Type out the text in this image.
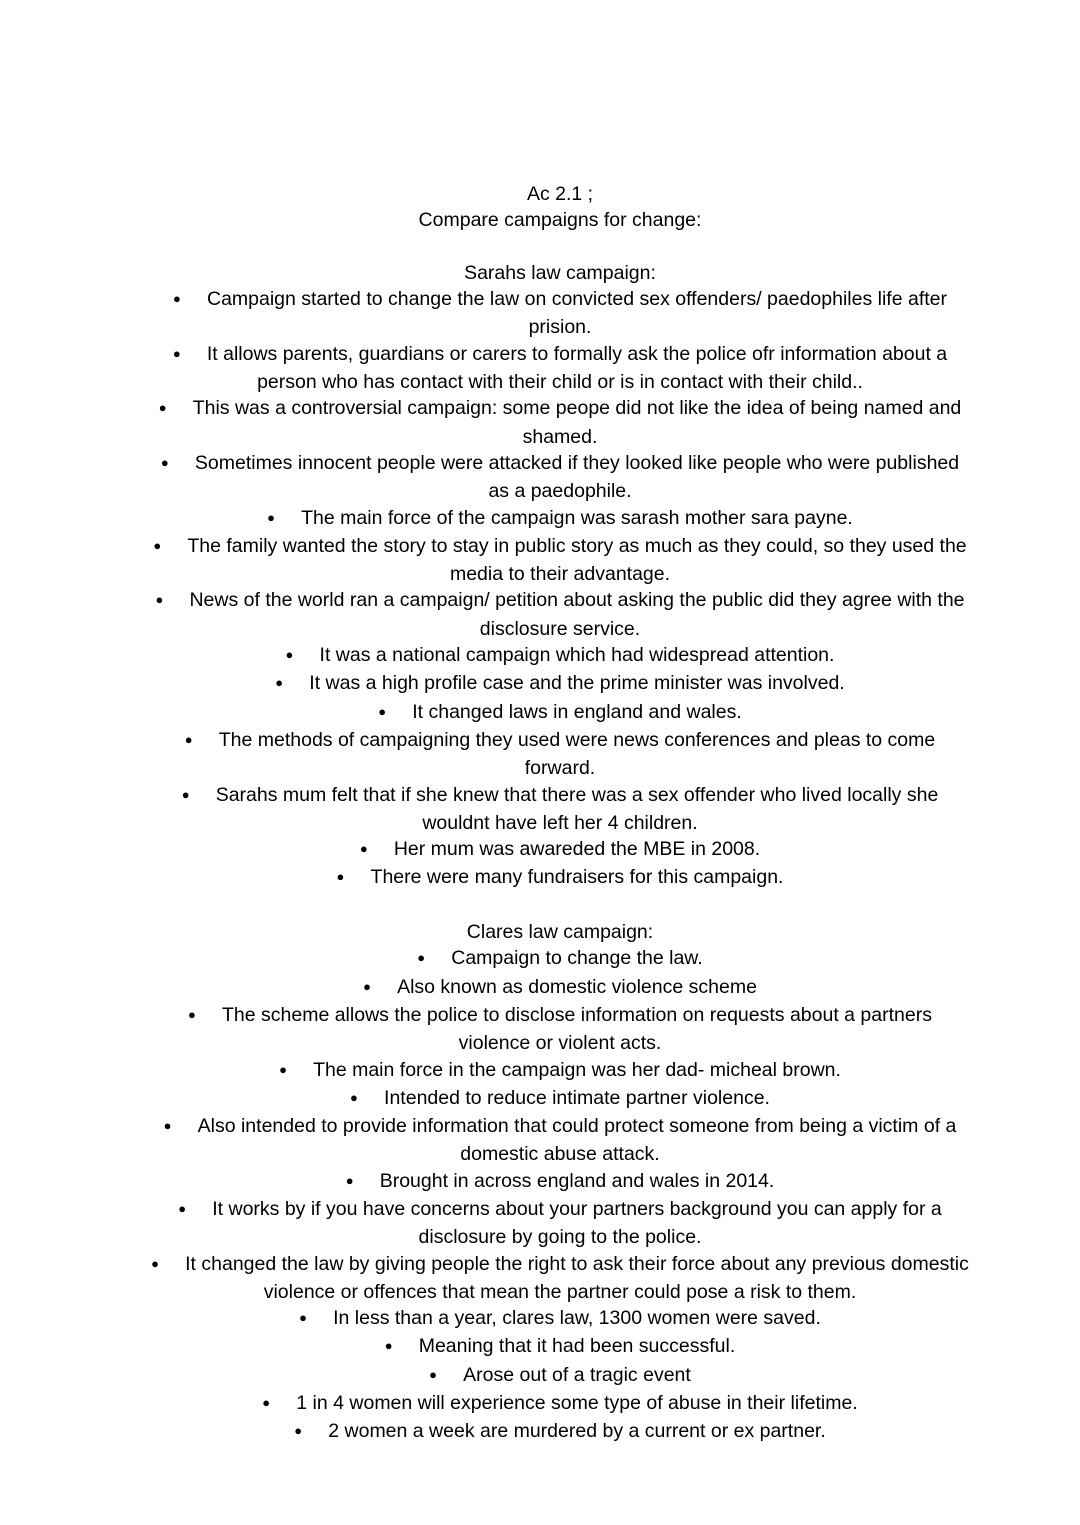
Ac 2.1 ;

Compare campaigns for change:

Sarahs law campaign:

●Campaign started to change the law on convicted sex offenders/ paedophiles life after prision.
●It allows parents, guardians or carers to formally ask the police ofr information about a person who has contact with their child or is in contact with their child..
●This was a controversial campaign: some peope did not like the idea of being named and shamed.
●Sometimes innocent people were attacked if they looked like people who were published as a paedophile.
●The main force of the campaign was sarash mother sara payne.
●The family wanted the story to stay in public story as much as they could, so they used the media to their advantage.
●News of the world ran a campaign/ petition about asking the public did they agree with the disclosure service.
●It was a national campaign which had widespread attention.
●It was a high profile case and the prime minister was involved.
●It changed laws in england and wales.
●The methods of campaigning they used were news conferences and pleas to come forward.
●Sarahs mum felt that if she knew that there was a sex offender who lived locally she wouldnt have left her 4 children.
●Her mum was awareded the MBE in 2008.
●There were many fundraisers for this campaign.

Clares law campaign:

●Campaign to change the law.
●Also known as domestic violence scheme
●The scheme allows the police to disclose information on requests about a partners violence or violent acts.
●The main force in the campaign was her dad- micheal brown.
●Intended to reduce intimate partner violence.
●Also intended to provide information that could protect someone from being a victim of a domestic abuse attack.
●Brought in across england and wales in 2014.
●It works by if you have concerns about your partners background you can apply for a disclosure by going to the police.
●It changed the law by giving people the right to ask their force about any previous domestic violence or offences that mean the partner could pose a risk to them.
●In less than a year, clares law, 1300 women were saved.
●Meaning that it had been successful.
●Arose out of a tragic event
●1 in 4 women will experience some type of abuse in their lifetime.
●2 women a week are murdered by a current or ex partner.
